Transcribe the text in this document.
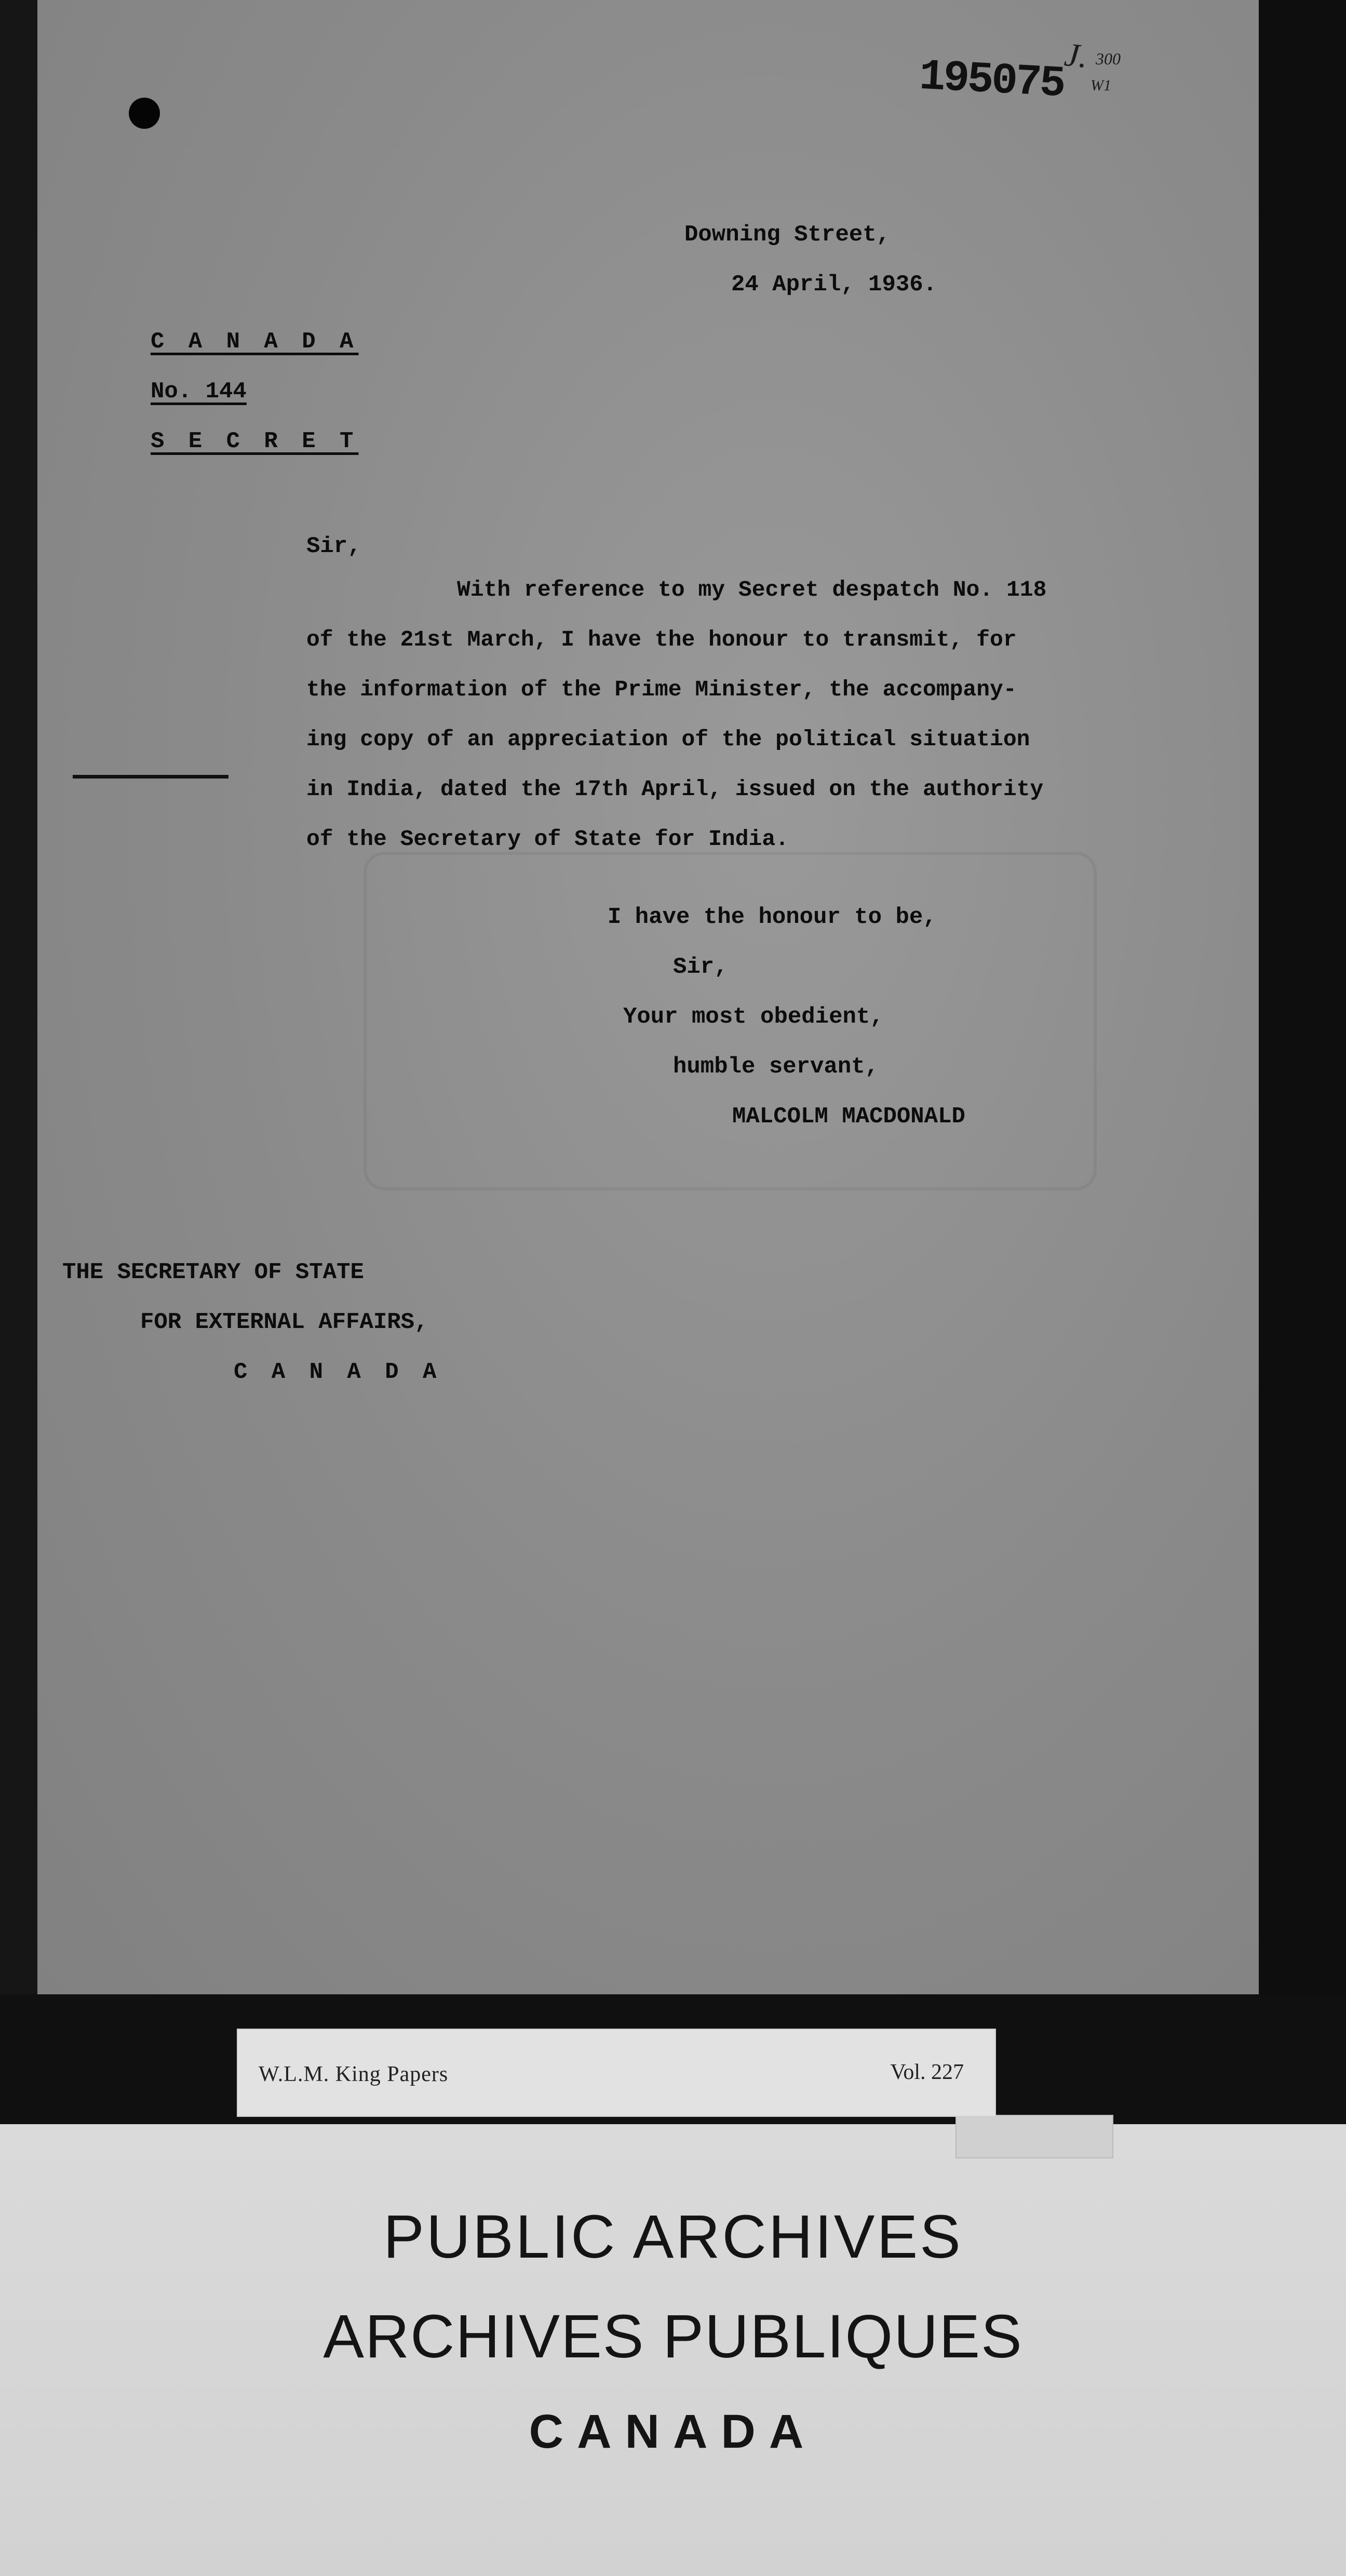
195075
J. 300
W1
Downing Street,
24 April, 1936.
C A N A D A
No. 144
S E C R E T
Sir,
With reference to my Secret despatch No. 118
of the 21st March, I have the honour to transmit, for
the information of the Prime Minister, the accompany-
ing copy of an appreciation of the political situation
in India, dated the 17th April, issued on the authority
of the Secretary of State for India.
I have the honour to be,
Sir,
Your most obedient,
humble servant,
MALCOLM MACDONALD
THE SECRETARY OF STATE
FOR EXTERNAL AFFAIRS,
C A N A D A
W.L.M. King Papers	Vol. 227
PUBLIC ARCHIVES
ARCHIVES PUBLIQUES
CANADA
